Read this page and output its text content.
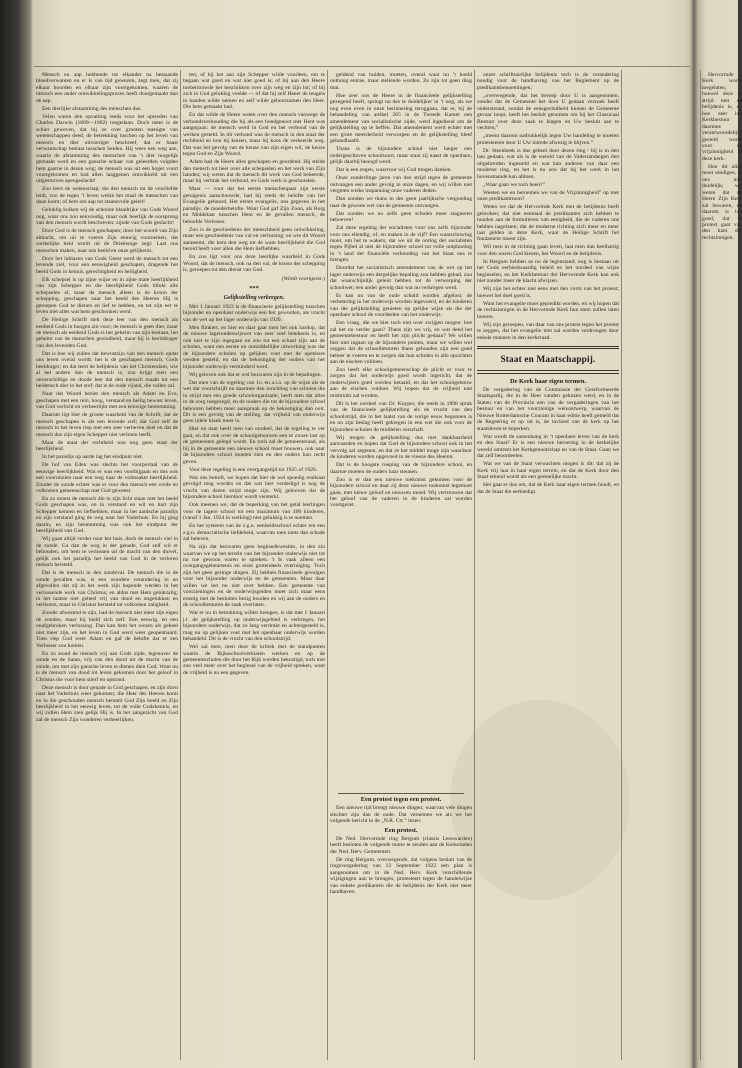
Mensch en aap hebbende tot elkander na bestaande bloedverwanten en er is van tijd gewezen, zegt men, dat zij elkaar hoorden en elkaar zijn voortgekomen, waaren de mensch een ander ontwikkelingsproces heeft doorgemaakt dan de aap.

Een dierlijke afstamming des menschen dus.

Velen waren den opvatting reeds voor het optreden van Charles Darwin (1809—1882) toegedaan. Doch meer is de schier geweven, dat hij ze over grooten menigte van wetenschappen deed, de betrekking tuschen op het leven van mensch en dier uitvoeriger beschreef, dat er haast verwantschap bestaat tusschen beiden. Hij wees een weg aan, waarin de afstamming des menschen van ’t dier mogelijk gemaakt werd en een gansche schaar van geleerden volgden hem gaarne in dezen weg; de mensch was uit een hoger voort voortgekomen en had allen laaggenen ontwikkeld uit een uitgestorven apengeslacht!

Zoo leert de wetenschap; die den mensch tot de voorliefde leidt, zoo de tegen ’t leven wekte het maal de menschen van daan komt; of hem om aap tot staansvolle geleit!

Geluklig kolken wij de schoone blaadrijke van Gods Woord nog, waar ons zoo eenvoudig, maar ook heerlijk de oorsprong van den mensch wordt beschreven: zijnde van Gods geslacht!

Door God is de mensch geschapen; door het woord van Zijn almacht, om uit te voeren Zijn eeuwig voornemen, dat werkelijke heid wordt uit de Drieëenige zegt: Laat ons menschen maken, naar ons beeld en onze gelijkenis.

Door het inblazen van Gods Geest werd de mensch tot een levende ziel, voor een eeuwigheid geschapen, dragende het beeld Gods in kennis, gerechtigheid en heiligheid.

Elk schepsel is op zijne wijze en in zijne mate heerlijkheid van zijn Schepper en die heerlijkheid Gods blinkt alle schepselen af, maar de mensch alleen is de kroon der schepping, geschapen naar het beeld des Heeren Hij is geroepen God te dienen en lief te hebben, en tot zijn eer te leven met alles wat hem geschonken werd.

De Heilige Schrift stelt deze leer van den mensch als eenheid Gods in hoogen zin voor; de mensch is geen dier, maar de mensch als eenheid Gods is het geheim van zijn bestaan, het geheim van de menschen gezindheid, maar hij is beelddrager van den levenden God.

Dat is hoe wij zullen dat bewustzijn van den mensch opdat ons leven overal wordt: het is de geschapen mensch, Gods beeldrager; en dat leert de belijdenis van het Christendom, wie al het andere dan de mensch is, zoo krijgt men een onverschillige en doode leer dat den mensch maakt tot een heidensch dier in het stof; dat is de oude vijand, die vallen zal.

Naar dat Woord beziet den mensch als Adam en Eva, geschapen met een rein, hoog, verstand en heilig bewust leven, van God verlicht en verheerlijkt met een eeuwige bestemming.

Daarom ligt hier de groote waarheid van de Schrift, dat de mensch geschapen is als een levende ziel; dat God zelf de mensch in het leven riep met een zeer verheven doel en dat de mensch dus zijn eigen Schepper niet verloren heeft.

Maar de staat der rechtheid was nog geen staat der heerlijkheid.

In het paradijs op aarde lag het eindpunt niet.

De hof van Eden was slechts het voorportaal van de eeuwige heerlijkheid. Wat er was een voorbijgaan en dus ook een vooruitzien naar een weg naar de volmaakte heerlijkheid. Zonder de zonde echter was er voor den mensch een vrede en volkomen gemeenschap met God geweest.

En zo moest de mensch die in zijn licht staan met het beeld Gods geschapen was, en in verstand en wil en hart zijn Schepper kennen en liefhebben, maar in het aardsche paradijs en zijn verstand ging de weg naar het Vaderhuis. En hij ging daarin, en zijn bestemming was ook het eindpunt der heerlijkheid van God.

Wij gaan altijd verder naar het huis, doch de mensch viel in de zonde. Ga dan de weg in der genade, God zelf wil er behouden, om hem te verlossen uit de macht van den duivel, gelijk ook het paradijs het beeld van God in de verloren mensch hersteld.

Dat is de mensch in den zondeval. De mensch die in de zonde gevallen was, is een wondere verandering in en afgevallen dat zij in het werk zijn hopende werden in het verlossende werk van Christus; en aldus met Hem gelukzalig; in het laatste niet geheel vrij van dood en ongelukken en verliezen, maar in Christus hersteld tot volkomen zaligheid.

Zonder afwezend te zijn, had de mensch niet meer zijn eigen de zonden, maar hij hield zich zelf. Een eeuwig, en een onafgebroken verlossing. Dan kan hem het wezen als geheel niet meer zijn, en het leven in God werd weer geopenbaard. Toen riep God weer Adam en gaf de belofte dat er een Verlosser zou komen.

En zo stond de mensch vrij aan Gods zijde, tegenover de zonde en de Satan, vrij van den dood uit de macht van de zonde, om met zijn gansche leven te dienen dien God. Want nu is de mensch van dood tot leven gekomen door het geloof in Christus die voor hem stierf en opstond.

Deze mensch is door genade in God geschapen, en zijn dorst naar het Vaderhuis weer gekomen; die Heer des Heeren komt en in die geschonden mensch herstelt God Zijn beeld en Zijn heerlijkheid in het eeuwig leven, tot de volle Godskennis, en wij zullen Hem zien gelijk Hij is. In het aangezicht van God zal de mensch Zijn wonderen verheerlijken.

ten; of bij het aan zijn Schepper wilde voorleen, om te begaan wat goed en wat niet goed is; of bij aan den Heere toebetrouwde het beschikken over zijn weg en zijn lot; of bij zich in God gelukkig voelde — of dat hij zelf Heeer de teugels in handen wilde nemen en zelf wilde gehoorzamen den Heer. Die hem gemaakt had.

En dat wilde de Heere weten over den mensch vanwege de verbondsverhouding die hij als een bondgenoot met Hem was aangegaan: de mensch werd in God en het verbond van de werken gesteld. In dit verbond was de mensch in den staat der rechtheid en kon hij kiezen, maar hij koos de verkeerde weg. Dat was het gevolg van de keuze van zijn eigen wil, de keuze tegen God en Zijn Woord.

Adam had de Heere alles geschapen en geordend. Hij stelde den mensch tot heer over alle schepselen en het werk van Zijn handen; wij weten dat de mensch dit werk van God beheerde, maar hij verbrak het verbond, en Gods werk is geschonden.

Maar — voor dat het eerste menschenpaar zijn eerste getuigenis aanschouwde, had hij reeds de belofte van het Evangelie gehoord. Het eerste evangelie, ons gegeven in het paradijs: de moederbelofte. Want God gaf Zijn Zoon, als Borg en Middelaar tusschen Hem en de gevallen mensch, de beloofde Verlosser.

Zoo is de geschiedenis der menschheid geen ontwikkeling, maar een geschiedenis van val en verlossing; en wie dit Woord aanneemt, die kent den weg tot de ware heerlijkheid die God bereid heeft voor allen die Hem liefhebben.

En zoo ligt voor ons deze heerlijke waarheid in Gods Woord, dat de mensch, ook na den val, de kroon der schepping is, geroepen tot den dienst van God.

(Wordt voortgezet.)
***
Gelijkstelling verkregen.

Met 1 Januari 1923 is de financieele gelijkstelling tusschen bijzonder en openbaar onderwijs een feit geworden, als vrucht van de wet op het lager onderwijs van 1920.

Men flinkert, en hier en daar gaat men het ook hardop, dat de nieuwe lagerondeswijswet van zeer veel betekenis is, en ook niet te zijn ingegaan en zou tot een schaal zijn aan de scholen, want een eerste en onmiddellijke uitwerking was dat de bijzondere scholen op gelijken voet met de openbare werden gesteld, en dat de bekostiging der ouders van het bijzonder onderwijs verminderd werd.

Wij geloven ook dat er wel bezwaren zijn in de bepalingen.

Dat men van de regeling van 1o. en a.l.o. op de wijze als de wet dat voorschrijft en daarmee den inrichting van scholen die in strijd met een goede schoolorganisatie, heeft men dat alles in de zorg toegezegd, en de ouders die tot de bijzondere school behooren hebben meer aanspraak op de bekostiging dan ooit. Dit is een gevolg van de stelling, dat vrijheid van onderwijs geen ijdele klank meer is.

Hier en daar heeft men van oordeel, dat de regeling te ver gaat, en dat ook over de schoolgebouwen een te zware last op de gemeenten gelegd wordt. En toch zal de gemeenteraad, als hij in de gemeente een nieuwe school moet bouwen, ook naar de bijzondere school moeten zien en den ouders hun recht geven.

Voor deze regeling is een overgangstijd tot 1925 of 1926.

Wat ons betreft, we hopen dat hier de wel spoedig realisaat gevolgd mag worden en dat wat hier verdedigd is nog de vrucht van dezen strijd moge zijn. Wij gelooven dat de bijzondere school hierdoor wordt versterkt.

Ook meenen we, dat de beperking van het getal leerlingen voor de lagere school tot een maximum van 400 kinderen, (vanaf 1 Jan. 1924 in werking) niet gelukkig is te noemen.

En het systeem van de z.g.n. eenheidsschool echter ten een z.g.n. democratische liefdeheid, waarvan men niets dan schade zal beleven.

Na zijn dat bezwaren geen beginselkwesties, in den zin waarvan we op het terrein van het bijzonder onderwijs niet tot nu toe gewoon waren te spreken. 't Is vaak alleen een overgangsgebeurtenis en onze grotendeels overtuiging. Toch zijn het geen geringe dingen. Zij hebben financieele gevolgen voor het bijzonder onderwijs en de gemeenten. Maar daar willen we het nu niet over hebben. Een gemeente van voorzieningen en de onderwijsgelden moet zich maar eens ernstig met de besluiten bezig houden en wij aan de ouders en de schoolbesturen de zaak overlaten.

Wat er nu in betrekking willen brengen, is dat met 1 Januari j.l. de gelijkstelling op onderwijsgebied is verkregen, het bijzondere onderwijs, dat zo lang verdrukt en achtergesteld is, mag nu op gelijken voet met het openbaar onderwijs worden behandeld. Dit is de vrucht van den schoolstrijd.

Wel zal men, men door de kritiek met de standpunten waarin de Rijksschoolverklaren werken en op de gemeentescholen die door het Rijk worden bekostigd, toch niet zoo veel meer over het beginsel van de vrijheid spreken, want de vrijheid is nu een gegeven.

geldend van hulden, moeten, overal waar nu ’t hoeld onthong entrae, maar stellende worden. Ze zijn tot geen ding mat.

Hoe zeer ons de Heere in de financieele gelijkstelling gezegend heeft, springt nu des te duidelijker in ’t oog, als we nog even even in onze herinnering teruggaan, dat er, bij de behandeling van artikel 205 in de Tweede Kamer een amendement van socialistische zijde, werd ingediend om de gelijkstelling op te heffen. Dat amendement werd echter met een grote meerderheid verworpen en de gelijkstelling bleef gehandhaafd.

Thans is de bijzondere school niet langer een ondergeschoven schoolsoort, maar staat zij naast de openbare, gelijk daarbij beoogd werd.

Dat is een zegen, waarvoor wij God mogen danken.

Onze zonderlinge jaren van den strijd tegen de gemeente ontvangen een ander gevolg in onze dagen, en wij willen niet vergeten welke inspanning onze vaderen deden.

Dan zonden we thans in des geen jaarlijksche vergoeding naar de gewone wet van de gemeente ontvangen.

Dat zonden we nu zelfs geen scholen meer stagneren behoeven!

Zal deze regeling der socialisten voor ons zelfs bijzonder voor ons ellendig, of, en maken in de vijf? Een waarschuwing moet, om het te wakers, dat we uit de oorlog der socialisten tegen Pijbel al niet de bijzondere school tot volle ontplooiing in ’t land der financiële verhouding van het Staat ons te brengen.

Doordat het socialistisch amendement van de wet op het lager onderwijs een dergelijke bepaling zou hebben gehad, zou dat waarschijnlijk geleid hebben tot de verwerping der schoolwet; een ander gevolg dan wat nu verkregen werd.

Er kan nu van de oude schuld worden afgelost; de verbetering in het onderwijs worden ingevoerd, en de kinderen van die gelijkstelling genieten op gelijke wijze als die der openbare school de voordeelen van het onderwijs.

Een vraag, die we hier toch niet over zwijgen mogen: hoe zal het nu verder gaan? Thans zijn we vrij, en wat deed het gemeentebestuur en heeft het zijn plicht gedaan? We willen hier niet ingaan op de bijzondere punten, maar we willen wel zeggen dat de schoolbesturen thans gehouden zijn een goed beheer te voeren en te zorgen dat hun scholen in alle opzichten aan de eischen voldoen.

Zoo heeft elke schoolgemeenschap de plicht er voor te zorgen dat het onderwijs goed wordt ingericht, dat de onderwijzers goed worden betaald, en dat het schoolgebouw aan de eischen voldoet. Wij hopen dat de vrijheid niet misbruikt zal worden.

Dit is het oordeel van Dr. Kuyper, die reeds in 1898 sprak van de financieele gelijkstelling als de vrucht van den schoolstrijd, die in het laatst van de vorige eeuw begonnen is en nu zijn beslag heeft gekregen in een wet die ook voor de bijzondere scholen de middelen verschaft.

Wij mogen de gelijkstelling dus met dankbaarheid aanvaarden en hopen dat God de bijzondere school ook in het vervolg zal zegenen, en dat ze het middel moge zijn waardoor de kinderen worden opgevoed in de vreeze des Heeren.

Dat is de hoogste roeping van de bijzondere school, en daartoe moeten de ouders haar steunen.

Zoo is er dan een nieuwe toekomst gekomen voor de bijzondere school en daar zij deze nieuwe toekomst tegemoet gaan, met nieuw geloof en nieuwen moed. Wij vertrouwen dat het geloof van de vaderen in de kinderen zal worden voortgezet.

onzer schriftuurlijke belijdenis toch is de verandering noodig voor de handhaving van het Reglement op de predikantsbenoemingen;

„overwegende, dat het beroep door U is aangenomen, zonder dat de Gemeente het door U gedaan verzoek heeft ondersteund, zoodat de eensgezindheid binnen de Gemeente gevaar loopt, heeft het besluit genomen om bij het Classicaal Bestuur over deze zaak te klagen en Uw besluit aan te vechten;”

„meent daarom nadrukkelijk tegen Uw handeling te moeten protesteeren door U Uw intrede afwezig te blijven.”

Dr. Steenbeek is dus geheel door dezen ring / bij is in den ban gedaan, wat als is de wereld van de Vaderrandtegen den uitgebreiden ingesteld en wat kan anderen van daar een moderne ring, en het is nu zoo dat hij het werk in het bovenstaande kan afdoen.

„Waar gaan we toch heen?”

Weeten we en beroemen we van de Vrijzinnigheid” op met onze predikanttroon?

Weten we dat de Hervormde Kerk met de belijdenis heeft gebroken; dat niet eenmaal de predikanten zich hebben te houden aan de formulieren van eenigheid, die de vaderen ons hebben nagelaten; dat de moderne richting zich meer en meer laat gelden in deze Kerk, waar de Heilige Schrift het fundament moest zijn.

Wil men in de richting gaan leven, laat men dan heelhartig voor den waren God kiezen, het Woord en de belijdenis.

In Bergum hebben ze nu de tegenstand; nog is bestaan uit het Gods eerbiedwaardig beleid en het oordeel van wijze beginselen, en het Kerkbestuur der Hervormde Kerk kan ook niet zonder meer de klacht afwijzen.

Wij zijn het echter niet eens met den vorm van het protest; hoewel het doel goed is.

Want het evangelie moet gepredikt worden, en wij hopen dat de rechtzinnigen in de Hervormde Kerk hun stem zullen laten hooren.

Wij zijn geroepen, van daar van ons protest tegen het protest te zeggen, dat het evangelie niet zal worden verdrongen door enkele mannen in den kerkeraad.

Staat en Maatschappij.
De Kerk haar eigen termen.

De vergadering van de Commissie der Gereformeerde Staatspartij, die in de Heer vanden gekozen werd, en in de Staten van de Provincie een van de vergaderingen van het bestuur en van het voorzienige wetsontwerp, waarvan de Nieuwe Rotterdamsche Courant in haar editie heeft gemeld dat de Regeering er op uit is, de invloed van de kerk op het staatsleven te beperken.

Wat wordt de samenhang in ’t openbare leven van de kerk en den Staat? Er is een nieuwe beroering in de kerkelijke wereld omtrent het Kerkgenootschap en van de Staat. Gaan we dat zelf beoordeelen.

Wat we van de Staat verwachten mogen is dit: dat zij de Kerk vrij laat in haar eigen terrein, en dat de Kerk door den Staat erkend wordt als een geestelijke macht.

Het gaat er dus om, dat de Kerk haar eigen termen houdt, en dat de Staat die eerbiedigt.

Een protest tegen een protest.

Een nieuwe tijd brengt nieuwe dingen; waarvan vele dingen slechter zijn dan de oude. Dat vernemen we als we het volgende bericht in de „N.R. Crt.” lezen:

Een protest.

De Ned. Hervormde ring Bergum (classis Leeuwarden) heeft besloten de volgende motie te zenden aan de Kerkeraden der Ned. Herv. Gemeenten:

De ring Bergum, overwegende, dat volgens besluit van de ringsvergadering van 12 September 1922 een plan is aangenomen om in de Ned. Herv. Kerk verschillende wijzigingen aan te brengen, protesteert tegen de handelwijze van enkele predikanten die de belijdenis der Kerk niet meer handhaven.

Hervormde Kerk wordt toegelaten, hoewel deze in strijd met de belijdenis is, en hoe zeer het Kerkbestuur daarmee verantwoordelijk gesteld wordt voor de vrijzinnigheid in deze kerk.

Hoe dit alles moet eindigen, is ons niet duidelijk; wij weten dat de Heere Zijn Kerk zal bewaren, en daarom is het goed, dat er protest gaat van den kant der rechtzinnigen.
